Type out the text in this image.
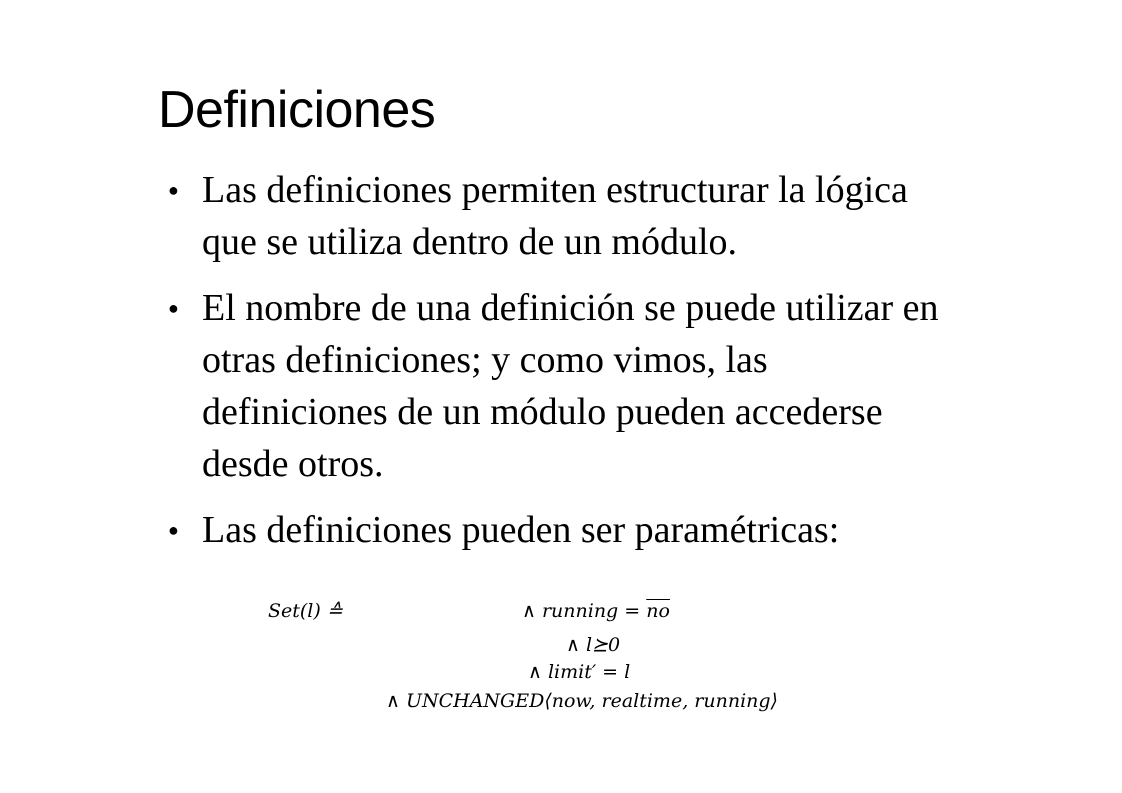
Definiciones
● Las definiciones permiten estructurar la lógica
que se utiliza dentro de un módulo.
● El nombre de una definición se puede utilizar en
otras definiciones; y como vimos, las
definiciones de un módulo pueden accederse
desde otros.
● Las definiciones pueden ser paramétricas:
Set⁠(l) ≙	∧ running = $\overline{no}$
∧ l⪰0
∧ limit′ = l
∧ UNCHANGED⟨now, realtime, running⟩
